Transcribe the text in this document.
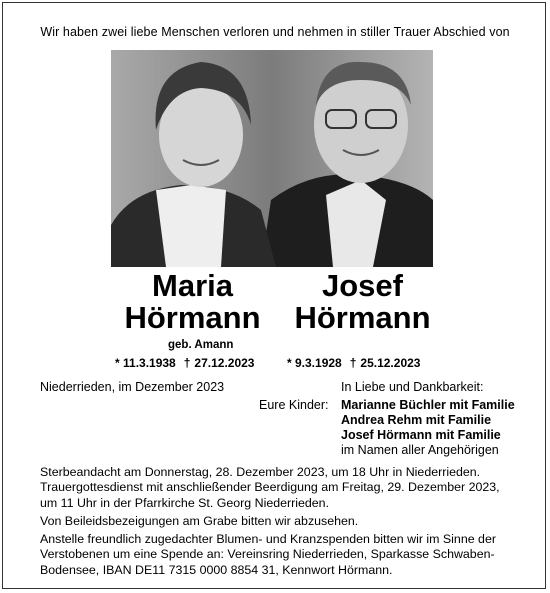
Wir haben zwei liebe Menschen verloren und nehmen in stiller Trauer Abschied von
Maria
Hörmann
Josef
Hörmann
geb. Amann
* 11.3.1938 † 27.12.2023	* 9.3.1928 † 25.12.2023
Niederrieden, im Dezember 2023	In Liebe und Dankbarkeit:
Eure Kinder: Marianne Büchler mit Familie
Andrea Rehm mit Familie
Josef Hörmann mit Familie
im Namen aller Angehörigen

Sterbeandacht am Donnerstag, 28. Dezember 2023, um 18 Uhr in Niederrieden. Trauergottesdienst mit anschließender Beerdigung am Freitag, 29. Dezember 2023, um 11 Uhr in der Pfarrkirche St. Georg Niederrieden.

Von Beileidsbezeigungen am Grabe bitten wir abzusehen.

Anstelle freundlich zugedachter Blumen- und Kranzspenden bitten wir im Sinne der Verstobenen um eine Spende an: Vereinsring Niederrieden, Sparkasse Schwaben-Bodensee, IBAN DE11 7315 0000 8854 31, Kennwort Hörmann.
